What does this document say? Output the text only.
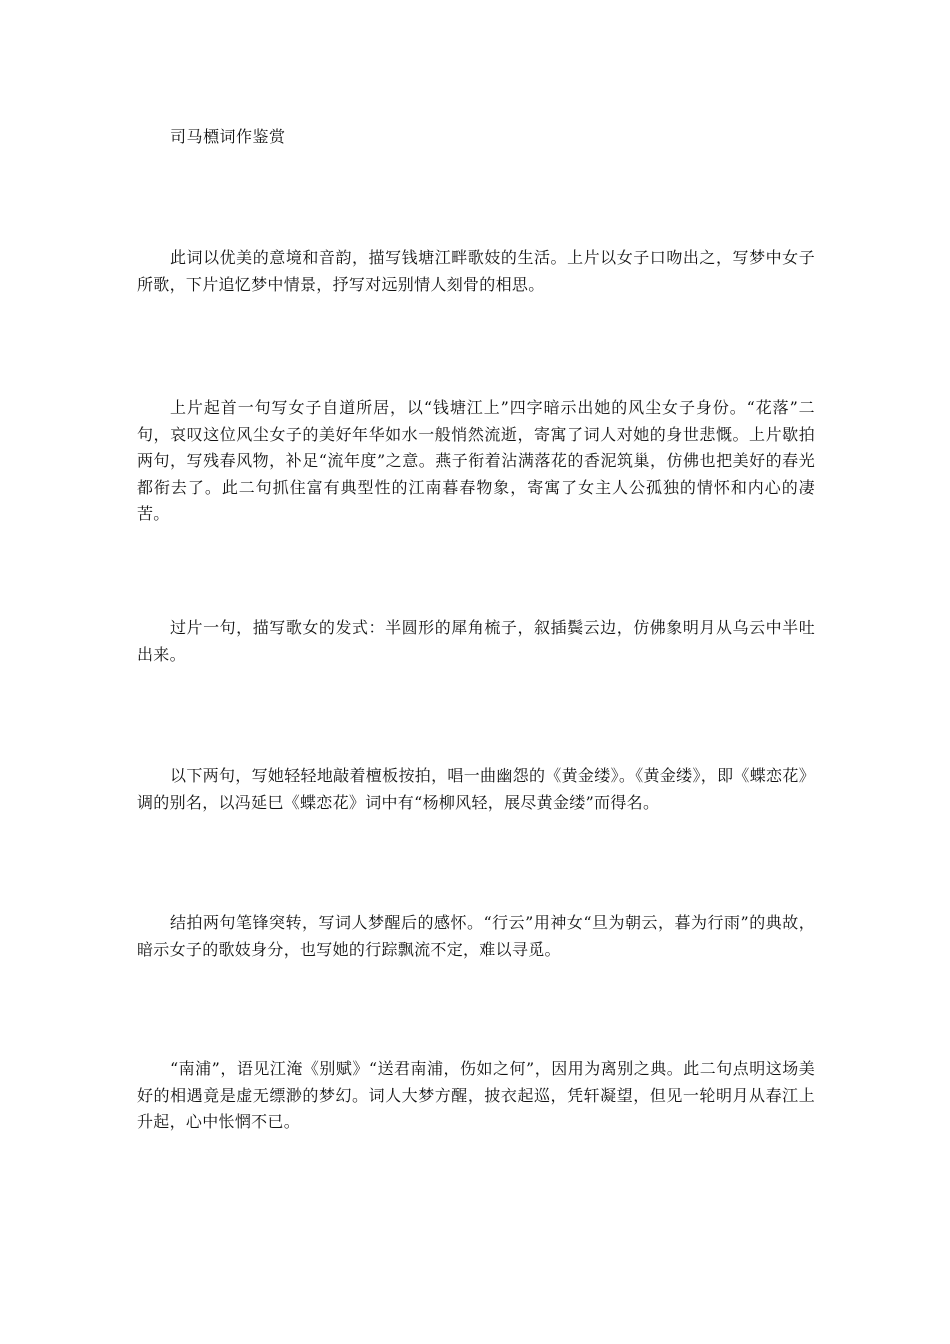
司马槱词作鉴赏

此词以优美的意境和音韵，描写钱塘江畔歌妓的生活。上片以女子口吻出之，写梦中女子所歌，下片追忆梦中情景，抒写对远别情人刻骨的相思。

上片起首一句写女子自道所居，以“钱塘江上”四字暗示出她的风尘女子身份。“花落”二句，哀叹这位风尘女子的美好年华如水一般悄然流逝，寄寓了词人对她的身世悲慨。上片歇拍两句，写残春风物，补足“流年度”之意。燕子衔着沾满落花的香泥筑巢，仿佛也把美好的春光都衔去了。此二句抓住富有典型性的江南暮春物象，寄寓了女主人公孤独的情怀和内心的凄苦。

过片一句，描写歌女的发式：半圆形的犀角梳子，叙插鬓云边，仿佛象明月从乌云中半吐出来。

以下两句，写她轻轻地敲着檀板按拍，唱一曲幽怨的《黄金缕》。《黄金缕》，即《蝶恋花》调的别名，以冯延巳《蝶恋花》词中有“杨柳风轻，展尽黄金缕”而得名。

结拍两句笔锋突转，写词人梦醒后的感怀。“行云”用神女“旦为朝云，暮为行雨”的典故，暗示女子的歌妓身分，也写她的行踪飘流不定，难以寻觅。

“南浦”，语见江淹《别赋》“送君南浦，伤如之何”，因用为离别之典。此二句点明这场美好的相遇竟是虚无缥渺的梦幻。词人大梦方醒，披衣起巡，凭轩凝望，但见一轮明月从春江上升起，心中怅惘不已。
